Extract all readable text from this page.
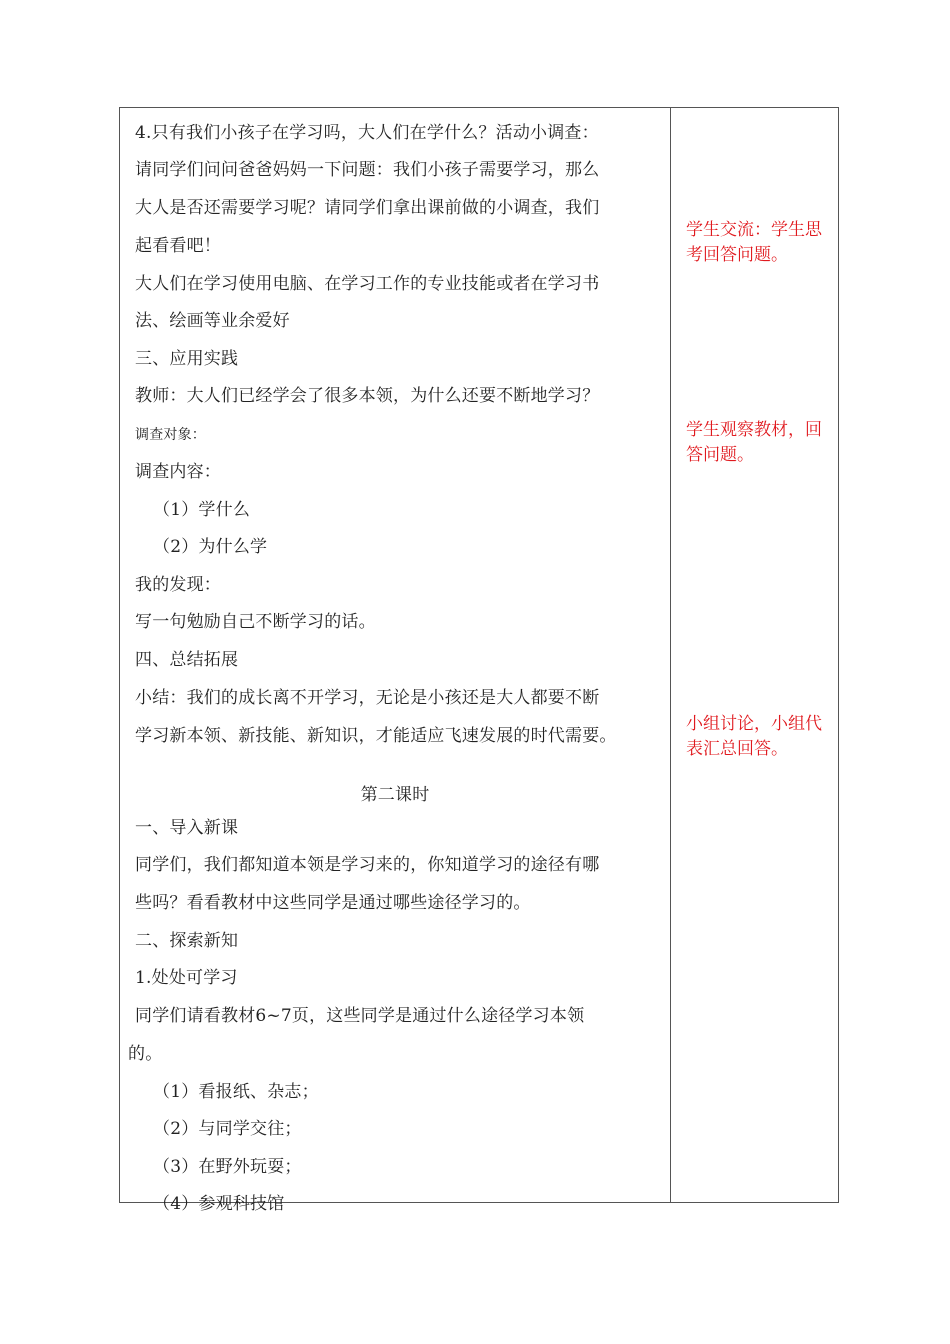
4.只有我们小孩子在学习吗，大人们在学什么？活动小调查：
请同学们问问爸爸妈妈一下问题：我们小孩子需要学习，那么
大人是否还需要学习呢？请同学们拿出课前做的小调查，我们
起看看吧！
大人们在学习使用电脑、在学习工作的专业技能或者在学习书
法、绘画等业余爱好
三、应用实践
教师：大人们已经学会了很多本领，为什么还要不断地学习？
调查对象：
调查内容：
（1）学什么
（2）为什么学
我的发现：
写一句勉励自己不断学习的话。
四、总结拓展
小结：我们的成长离不开学习，无论是小孩还是大人都要不断
学习新本领、新技能、新知识，才能适应飞速发展的时代需要。
第二课时
一、导入新课
同学们，我们都知道本领是学习来的，你知道学习的途径有哪
些吗？看看教材中这些同学是通过哪些途径学习的。
二、探索新知
1.处处可学习
同学们请看教材6~7页，这些同学是通过什么途径学习本领
的。
（1）看报纸、杂志；
（2）与同学交往；
（3）在野外玩耍；
（4）参观科技馆
学生交流：学生思考回答问题。
学生观察教材，回答问题。
小组讨论，小组代表汇总回答。
